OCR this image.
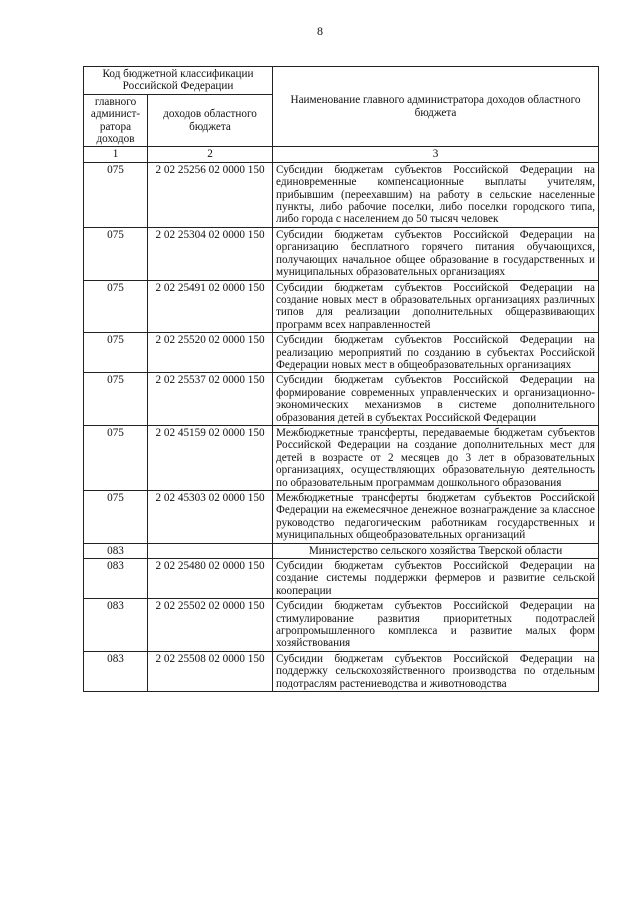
8
Код бюджетной классификации Российской Федерации		Наименование главного администратора доходов областного бюджета
главного админист-ратора доходов	доходов областного бюджета	
1	2	3
075	2 02 25256 02 0000 150	Субсидии бюджетам субъектов Российской Федерации на единовременные компенсационные выплаты учителям, прибывшим (переехавшим) на работу в сельские населенные пункты, либо рабочие поселки, либо поселки городского типа, либо города с населением до 50 тысяч человек
075	2 02 25304 02 0000 150	Субсидии бюджетам субъектов Российской Федерации на организацию бесплатного горячего питания обучающихся, получающих начальное общее образование в государственных и муниципальных образовательных организациях
075	2 02 25491 02 0000 150	Субсидии бюджетам субъектов Российской Федерации на создание новых мест в образовательных организациях различных типов для реализации дополнительных общеразвивающих программ всех направленностей
075	2 02 25520 02 0000 150	Субсидии бюджетам субъектов Российской Федерации на реализацию мероприятий по созданию в субъектах Российской Федерации новых мест в общеобразовательных организациях
075	2 02 25537 02 0000 150	Субсидии бюджетам субъектов Российской Федерации на формирование современных управленческих и организационно-экономических механизмов в системе дополнительного образования детей в субъектах Российской Федерации
075	2 02 45159 02 0000 150	Межбюджетные трансферты, передаваемые бюджетам субъектов Российской Федерации на создание дополнительных мест для детей в возрасте от 2 месяцев до 3 лет в образовательных организациях, осуществляющих образовательную деятельность по образовательным программам дошкольного образования
075	2 02 45303 02 0000 150	Межбюджетные трансферты бюджетам субъектов Российской Федерации на ежемесячное денежное вознаграждение за классное руководство педагогическим работникам государственных и муниципальных общеобразовательных организаций
083		Министерство сельского хозяйства Тверской области
083	2 02 25480 02 0000 150	Субсидии бюджетам субъектов Российской Федерации на создание системы поддержки фермеров и развитие сельской кооперации
083	2 02 25502 02 0000 150	Субсидии бюджетам субъектов Российской Федерации на стимулирование развития приоритетных подотраслей агропромышленного комплекса и развитие малых форм хозяйствования
083	2 02 25508 02 0000 150	Субсидии бюджетам субъектов Российской Федерации на поддержку сельскохозяйственного производства по отдельным подотраслям растениеводства и животноводства
